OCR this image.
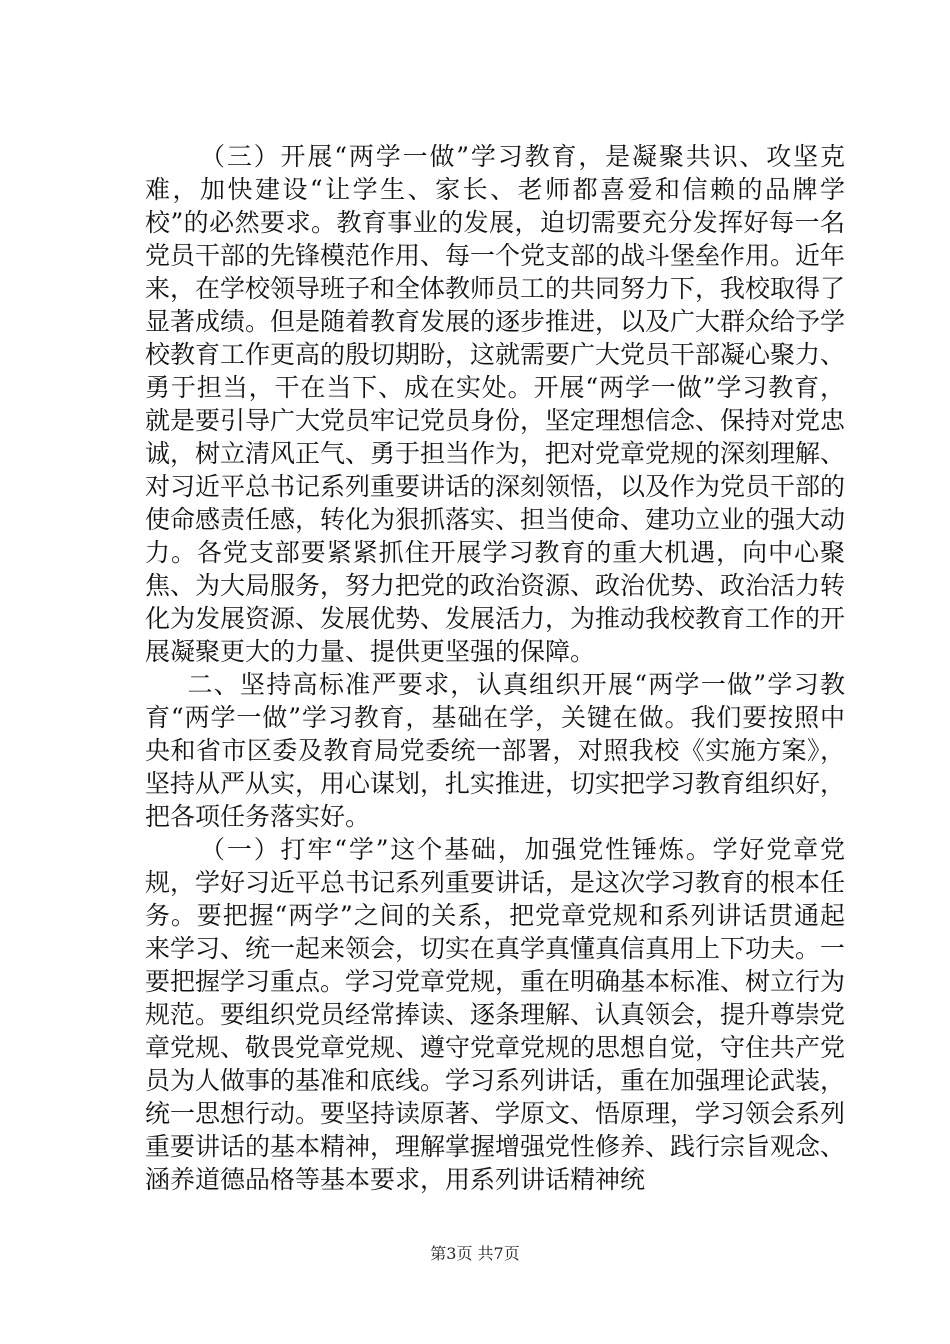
（三）开展“两学一做”学习教育，是凝聚共识、攻坚克难，加快建设“让学生、家长、老师都喜爱和信赖的品牌学校”的必然要求。教育事业的发展，迫切需要充分发挥好每一名党员干部的先锋模范作用、每一个党支部的战斗堡垒作用。近年来，在学校领导班子和全体教师员工的共同努力下，我校取得了显著成绩。但是随着教育发展的逐步推进，以及广大群众给予学校教育工作更高的殷切期盼，这就需要广大党员干部凝心聚力、勇于担当，干在当下、成在实处。开展“两学一做”学习教育，就是要引导广大党员牢记党员身份，坚定理想信念、保持对党忠诚，树立清风正气、勇于担当作为，把对党章党规的深刻理解、对习近平总书记系列重要讲话的深刻领悟，以及作为党员干部的使命感责任感，转化为狠抓落实、担当使命、建功立业的强大动力。各党支部要紧紧抓住开展学习教育的重大机遇，向中心聚焦、为大局服务，努力把党的政治资源、政治优势、政治活力转化为发展资源、发展优势、发展活力，为推动我校教育工作的开展凝聚更大的力量、提供更坚强的保障。

二、坚持高标准严要求，认真组织开展“两学一做”学习教育“两学一做”学习教育，基础在学，关键在做。我们要按照中央和省市区委及教育局党委统一部署，对照我校《实施方案》，坚持从严从实，用心谋划，扎实推进，切实把学习教育组织好，把各项任务落实好。

（一）打牢“学”这个基础，加强党性锤炼。学好党章党规，学好习近平总书记系列重要讲话，是这次学习教育的根本任务。要把握“两学”之间的关系，把党章党规和系列讲话贯通起来学习、统一起来领会，切实在真学真懂真信真用上下功夫。一要把握学习重点。学习党章党规，重在明确基本标准、树立行为规范。要组织党员经常捧读、逐条理解、认真领会，提升尊崇党章党规、敬畏党章党规、遵守党章党规的思想自觉，守住共产党员为人做事的基准和底线。学习系列讲话，重在加强理论武装，统一思想行动。要坚持读原著、学原文、悟原理，学习领会系列重要讲话的基本精神，理解掌握增强党性修养、践行宗旨观念、涵养道德品格等基本要求，用系列讲话精神统

第3页 共7页
